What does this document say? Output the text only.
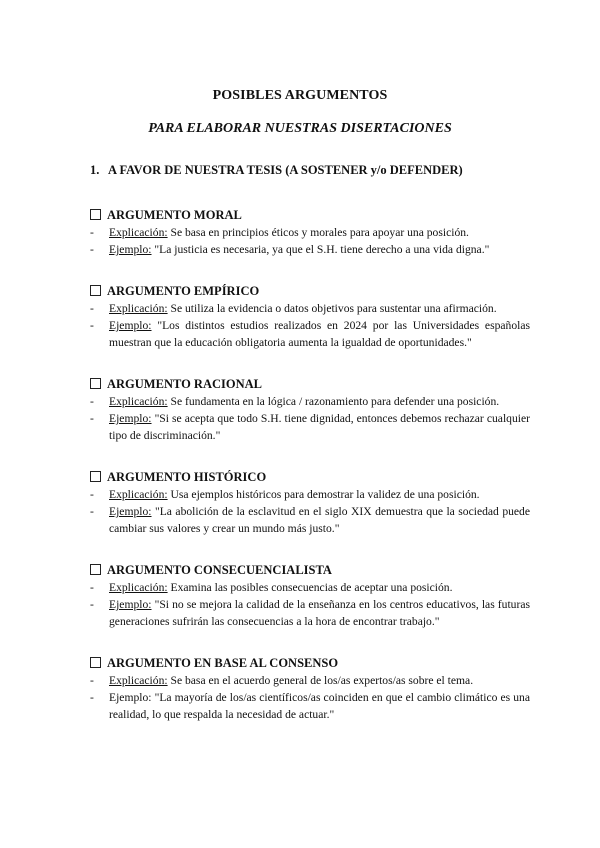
POSIBLES ARGUMENTOS
PARA ELABORAR NUESTRAS DISERTACIONES
1. A FAVOR DE NUESTRA TESIS (A SOSTENER y/o DEFENDER)
ARGUMENTO MORAL
- Explicación: Se basa en principios éticos y morales para apoyar una posición.
- Ejemplo: "La justicia es necesaria, ya que el S.H. tiene derecho a una vida digna."
ARGUMENTO EMPÍRICO
- Explicación: Se utiliza la evidencia o datos objetivos para sustentar una afirmación.
- Ejemplo: "Los distintos estudios realizados en 2024 por las Universidades españolas muestran que la educación obligatoria aumenta la igualdad de oportunidades."
ARGUMENTO RACIONAL
- Explicación: Se fundamenta en la lógica / razonamiento para defender una posición.
- Ejemplo: "Si se acepta que todo S.H. tiene dignidad, entonces debemos rechazar cualquier tipo de discriminación."
ARGUMENTO HISTÓRICO
- Explicación: Usa ejemplos históricos para demostrar la validez de una posición.
- Ejemplo: "La abolición de la esclavitud en el siglo XIX demuestra que la sociedad puede cambiar sus valores y crear un mundo más justo."
ARGUMENTO CONSECUENCIALISTA
- Explicación: Examina las posibles consecuencias de aceptar una posición.
- Ejemplo: "Si no se mejora la calidad de la enseñanza en los centros educativos, las futuras generaciones sufrirán las consecuencias a la hora de encontrar trabajo."
ARGUMENTO EN BASE AL CONSENSO
- Explicación: Se basa en el acuerdo general de los/as expertos/as sobre el tema.
- Ejemplo: "La mayoría de los/as científicos/as coinciden en que el cambio climático es una realidad, lo que respalda la necesidad de actuar."
